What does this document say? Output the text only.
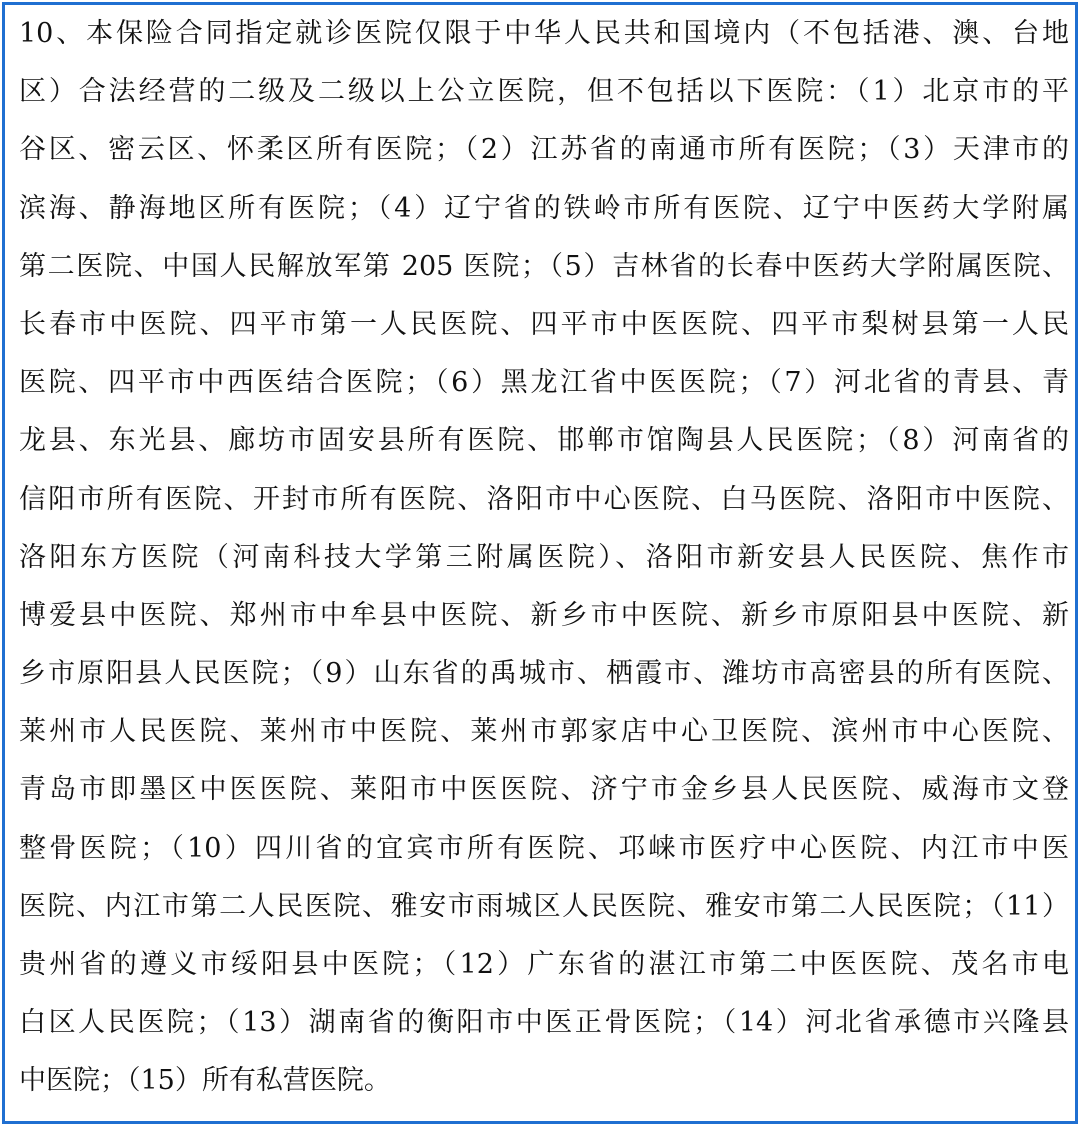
10、本保险合同指定就诊医院仅限于中华人民共和国境内（不包括港、澳、台地
区）合法经营的二级及二级以上公立医院，但不包括以下医院：（1）北京市的平
谷区、密云区、怀柔区所有医院；（2）江苏省的南通市所有医院；（3）天津市的
滨海、静海地区所有医院；（4）辽宁省的铁岭市所有医院、辽宁中医药大学附属
第二医院、中国人民解放军第 205 医院；（5）吉林省的长春中医药大学附属医院、
长春市中医院、四平市第一人民医院、四平市中医医院、四平市梨树县第一人民
医院、四平市中西医结合医院；（6）黑龙江省中医医院；（7）河北省的青县、青
龙县、东光县、廊坊市固安县所有医院、邯郸市馆陶县人民医院；（8）河南省的
信阳市所有医院、开封市所有医院、洛阳市中心医院、白马医院、洛阳市中医院、
洛阳东方医院（河南科技大学第三附属医院）、洛阳市新安县人民医院、焦作市
博爱县中医院、郑州市中牟县中医院、新乡市中医院、新乡市原阳县中医院、新
乡市原阳县人民医院；（9）山东省的禹城市、栖霞市、潍坊市高密县的所有医院、
莱州市人民医院、莱州市中医院、莱州市郭家店中心卫医院、滨州市中心医院、
青岛市即墨区中医医院、莱阳市中医医院、济宁市金乡县人民医院、威海市文登
整骨医院；（10）四川省的宜宾市所有医院、邛崃市医疗中心医院、内江市中医
医院、内江市第二人民医院、雅安市雨城区人民医院、雅安市第二人民医院；（11）
贵州省的遵义市绥阳县中医院；（12）广东省的湛江市第二中医医院、茂名市电
白区人民医院；（13）湖南省的衡阳市中医正骨医院；（14）河北省承德市兴隆县
中医院；（15）所有私营医院。
